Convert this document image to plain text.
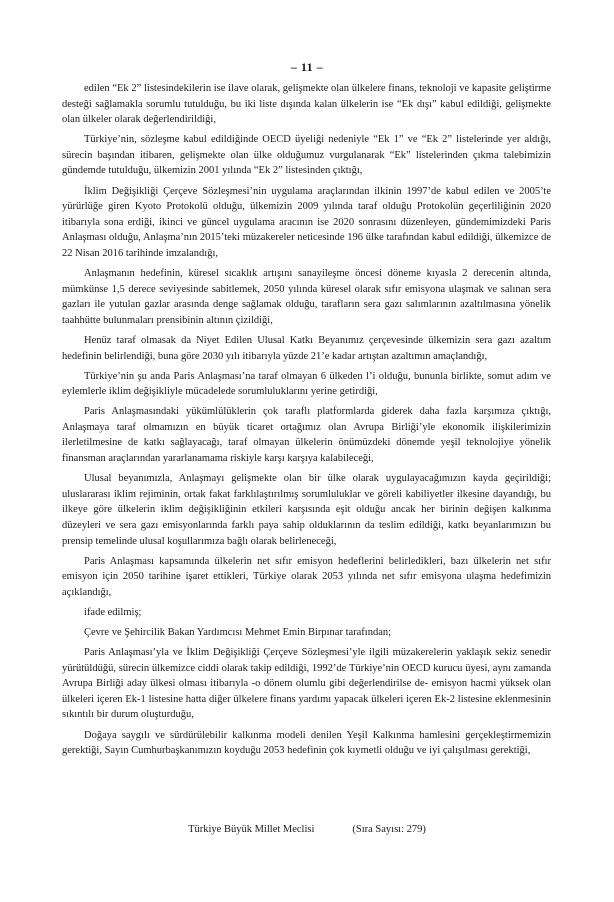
– 11 –

edilen “Ek 2” listesindekilerin ise ilave olarak, gelişmekte olan ülkelere finans, teknoloji ve kapasite geliştirme desteği sağlamakla sorumlu tutulduğu, bu iki liste dışında kalan ülkelerin ise “Ek dışı” kabul edildiği, gelişmekte olan ülkeler olarak değerlendirildiği,

Türkiye’nin, sözleşme kabul edildiğinde OECD üyeliği nedeniyle “Ek 1” ve “Ek 2” listelerinde yer aldığı, sürecin başından itibaren, gelişmekte olan ülke olduğumuz vurgulanarak “Ek” listelerinden çıkma talebimizin gündemde tutulduğu, ülkemizin 2001 yılında “Ek 2” listesinden çıktığı,

İklim Değişikliği Çerçeve Sözleşmesi’nin uygulama araçlarından ilkinin 1997’de kabul edilen ve 2005’te yürürlüğe giren Kyoto Protokolü olduğu, ülkemizin 2009 yılında taraf olduğu Protokolün geçerliliğinin 2020 itibarıyla sona erdiği, ikinci ve güncel uygulama aracının ise 2020 sonrasını düzenleyen, gündemimizdeki Paris Anlaşması olduğu, Anlaşma’nın 2015’teki müzakereler neticesinde 196 ülke tarafından kabul edildiği, ülkemizce de 22 Nisan 2016 tarihinde imzalandığı,

Anlaşmanın hedefinin, küresel sıcaklık artışını sanayileşme öncesi döneme kıyasla 2 derecenin altında, mümkünse 1,5 derece seviyesinde sabitlemek, 2050 yılında küresel olarak sıfır emisyona ulaşmak ve salınan sera gazları ile yutulan gazlar arasında denge sağlamak olduğu, tarafların sera gazı salımlarının azaltılmasına yönelik taahhütte bulunmaları prensibinin altının çizildiği,

Henüz taraf olmasak da Niyet Edilen Ulusal Katkı Beyanımız çerçevesinde ülkemizin sera gazı azaltım hedefinin belirlendiği, buna göre 2030 yılı itibarıyla yüzde 21’e kadar artıştan azaltımın amaçlandığı,

Türkiye’nin şu anda Paris Anlaşması’na taraf olmayan 6 ülkeden l’i olduğu, bununla birlikte, somut adım ve eylemlerle iklim değişikliyle mücadelede sorumluluklarını yerine getirdiği,

Paris Anlaşmasındaki yükümlülüklerin çok taraflı platformlarda giderek daha fazla karşımıza çıktığı, Anlaşmaya taraf olmamızın en büyük ticaret ortağımız olan Avrupa Birliği’yle ekonomik ilişkilerimizin ilerletilmesine de katkı sağlayacağı, taraf olmayan ülkelerin önümüzdeki dönemde yeşil teknolojiye yönelik finansman araçlarından yararlanamama riskiyle karşı karşıya kalabileceği,

Ulusal beyanımızla, Anlaşmayı gelişmekte olan bir ülke olarak uygulayacağımızın kayda geçirildiği; uluslararası iklim rejiminin, ortak fakat farklılaştırılmış sorumluluklar ve göreli kabiliyetler ilkesine dayandığı, bu ilkeye göre ülkelerin iklim değişikliğinin etkileri karşısında eşit olduğu ancak her birinin değişen kalkınma düzeyleri ve sera gazı emisyonlarında farklı paya sahip olduklarının da teslim edildiği, katkı beyanlarımızın bu prensip temelinde ulusal koşullarımıza bağlı olarak belirleneceği,

Paris Anlaşması kapsamında ülkelerin net sıfır emisyon hedeflerini belirledikleri, bazı ülkelerin net sıfır emisyon için 2050 tarihine işaret ettikleri, Türkiye olarak 2053 yılında net sıfır emisyona ulaşma hedefimizin açıklandığı,

ifade edilmiş;

Çevre ve Şehircilik Bakan Yardımcısı Mehmet Emin Birpınar tarafından;

Paris Anlaşması’yla ve İklim Değişikliği Çerçeve Sözleşmesi’yle ilgili müzakerelerin yaklaşık sekiz senedir yürütüldüğü, sürecin ülkemizce ciddi olarak takip edildiği, 1992’de Türkiye’nin OECD kurucu üyesi, aynı zamanda Avrupa Birliği aday ülkesi olması itibarıyla -o dönem olumlu gibi değerlendirilse de- emisyon hacmi yüksek olan ülkeleri içeren Ek-1 listesine hatta diğer ülkelere finans yardımı yapacak ülkeleri içeren Ek-2 listesine eklenmesinin sıkıntılı bir durum oluşturduğu,

Doğaya saygılı ve sürdürülebilir kalkınma modeli denilen Yeşil Kalkınma hamlesini gerçekleştirmemizin gerektiği, Sayın Cumhurbaşkanımızın koyduğu 2053 hedefinin çok kıymetli olduğu ve iyi çalışılması gerektiği,

Türkiye Büyük Millet Meclisi	(Sıra Sayısı: 279)
